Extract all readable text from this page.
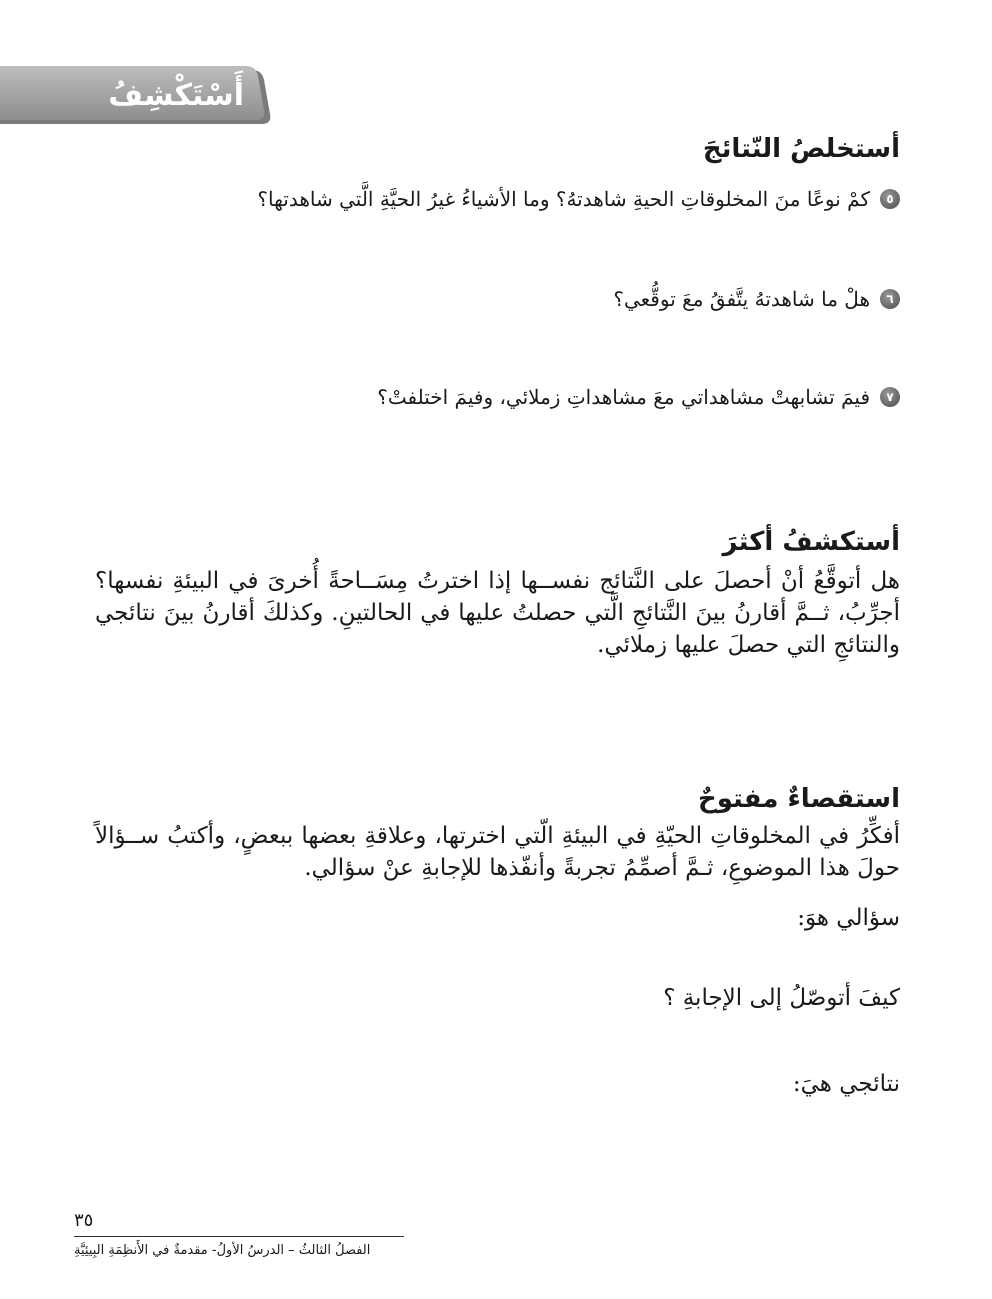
أَسْتَكْشِفُ
أستخلصُ النّتائجَ
٥
كمْ نوعًا منَ المخلوقاتِ الحيةِ شاهدتهُ؟ وما الأشياءُ غيرُ الحيَّةِ الَّتي شاهدتها؟
٦
هلْ ما شاهدتهُ يتَّفقُ معَ توقُّعي؟
٧
فيمَ تشابهتْ مشاهداتي معَ مشاهداتِ زملائي، وفيمَ اختلفتْ؟
أستكشفُ أكثرَ
هل أتوقَّعُ أنْ أحصلَ على النَّتائج نفســها إذا اخترتُ مِسَــاحةً أُخرىَ في البيئةِ نفسها؟ أجرِّبُ، ثــمَّ أقارنُ بينَ النَّتائجِ الَّتي حصلتُ عليها في الحالتينِ. وكذلكَ أقارنُ بينَ نتائجي والنتائجِ التي حصلَ عليها زملائي.
استقصاءٌ مفتوحٌ
أفكِّرُ في المخلوقاتِ الحيّةِ في البيئةِ الّتي اخترتها، وعلاقةِ بعضها ببعضٍ، وأكتبُ ســؤالاً حولَ هذا الموضوعِ، ثـمَّ أصمِّمُ تجربةً وأنفّذها للإجابةِ عنْ سؤالي.
سؤالي هوَ:
كيفَ أتوصّلُ إلى الإجابةِ ؟
نتائجي هيَ:
٣٥
الفصلُ الثالثُ – الدرسُ الأولُ- مقدمةٌ في الأَنظِمَةِ البِيئِيَّةِ
